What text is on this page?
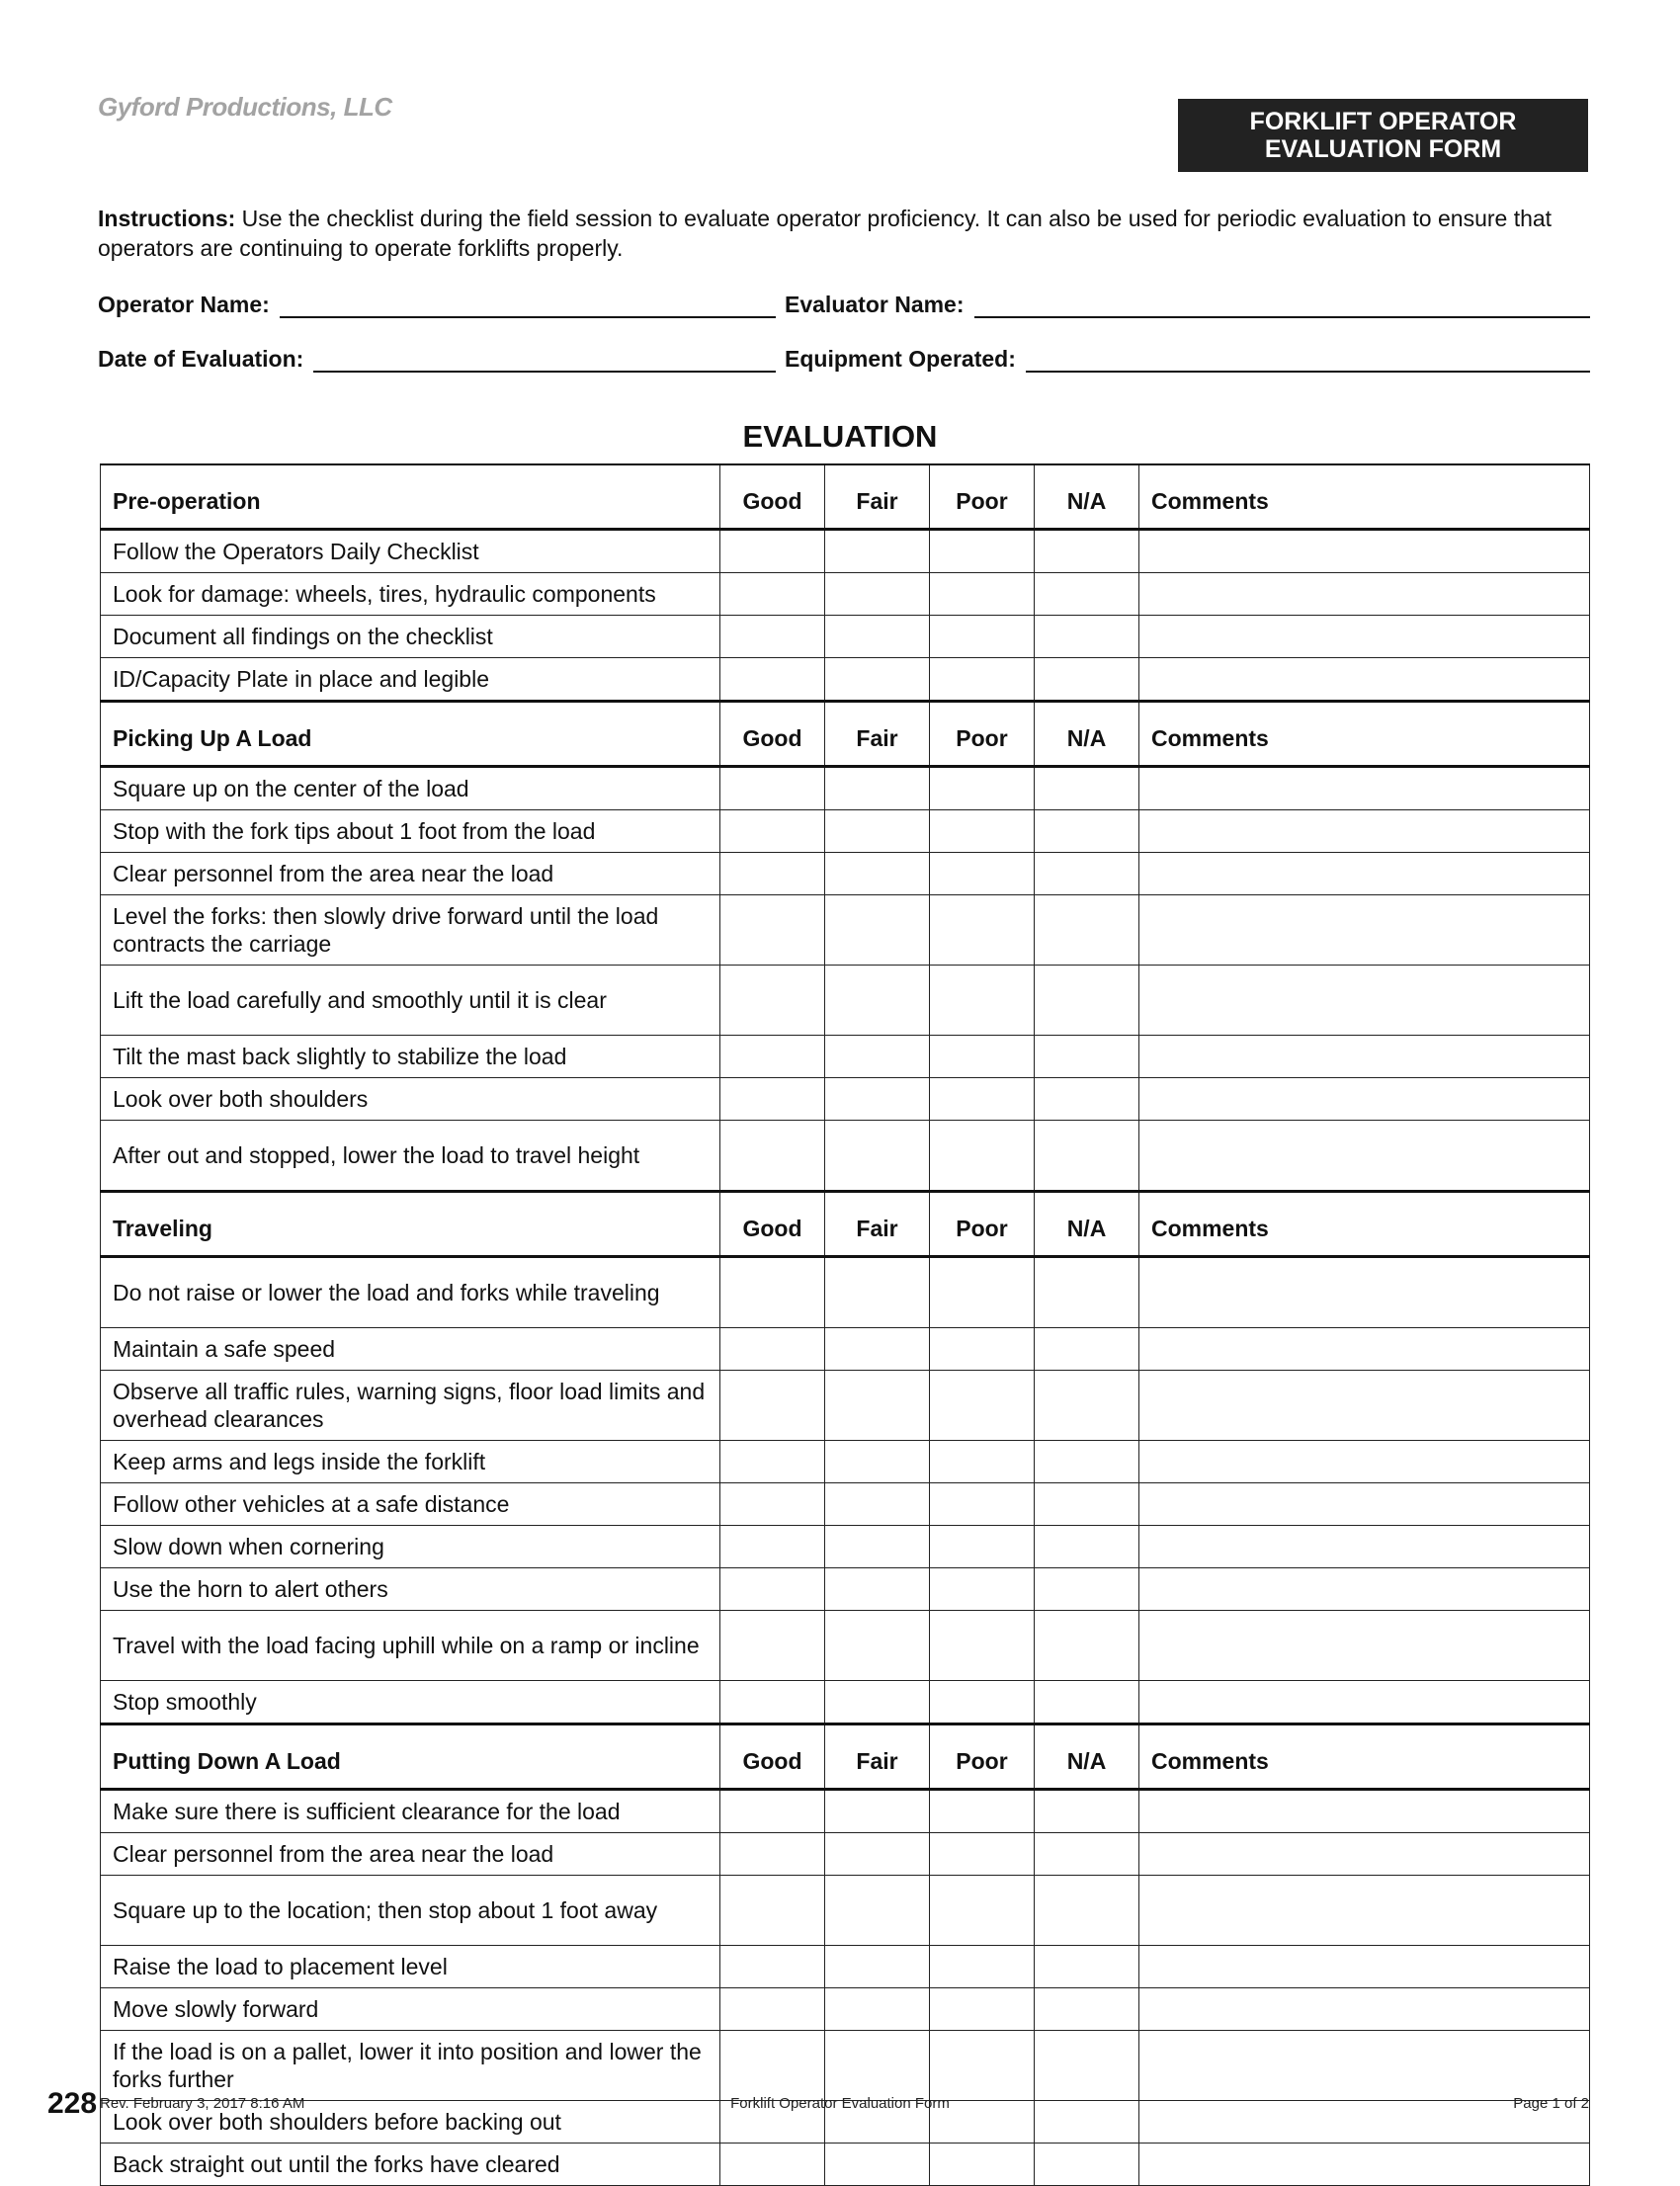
Gyford Productions, LLC	FORKLIFT OPERATOR
EVALUATION FORM
Instructions: Use the checklist during the field session to evaluate operator proficiency. It can also be used for periodic evaluation to ensure that operators are continuing to operate forklifts properly.
Operator Name:	Evaluator Name:
Date of Evaluation:	Equipment Operated:
EVALUATION
Pre-operation	Good	Fair	Poor	N/A	Comments
Follow the Operators Daily Checklist					
Look for damage: wheels, tires, hydraulic components					
Document all findings on the checklist					
ID/Capacity Plate in place and legible					
Picking Up A Load	Good	Fair	Poor	N/A	Comments
Square up on the center of the load					
Stop with the fork tips about 1 foot from the load					
Clear personnel from the area near the load					
Level the forks: then slowly drive forward until the load contracts the carriage					
Lift the load carefully and smoothly until it is clear					
Tilt the mast back slightly to stabilize the load					
Look over both shoulders					
After out and stopped, lower the load to travel height					
Traveling	Good	Fair	Poor	N/A	Comments
Do not raise or lower the load and forks while traveling					
Maintain a safe speed					
Observe all traffic rules, warning signs, floor load limits and overhead clearances					
Keep arms and legs inside the forklift					
Follow other vehicles at a safe distance					
Slow down when cornering					
Use the horn to alert others					
Travel with the load facing uphill while on a ramp or incline					
Stop smoothly					
Putting Down A Load	Good	Fair	Poor	N/A	Comments
Make sure there is sufficient clearance for the load					
Clear personnel from the area near the load					
Square up to the location; then stop about 1 foot away					
Raise the load to placement level					
Move slowly forward					
If the load is on a pallet, lower it into position and lower the forks further					
Look over both shoulders before backing out					
Back straight out until the forks have cleared					
228 Rev. February 3, 2017 8:16 AM	Forklift Operator Evaluation Form	Page 1 of 2
